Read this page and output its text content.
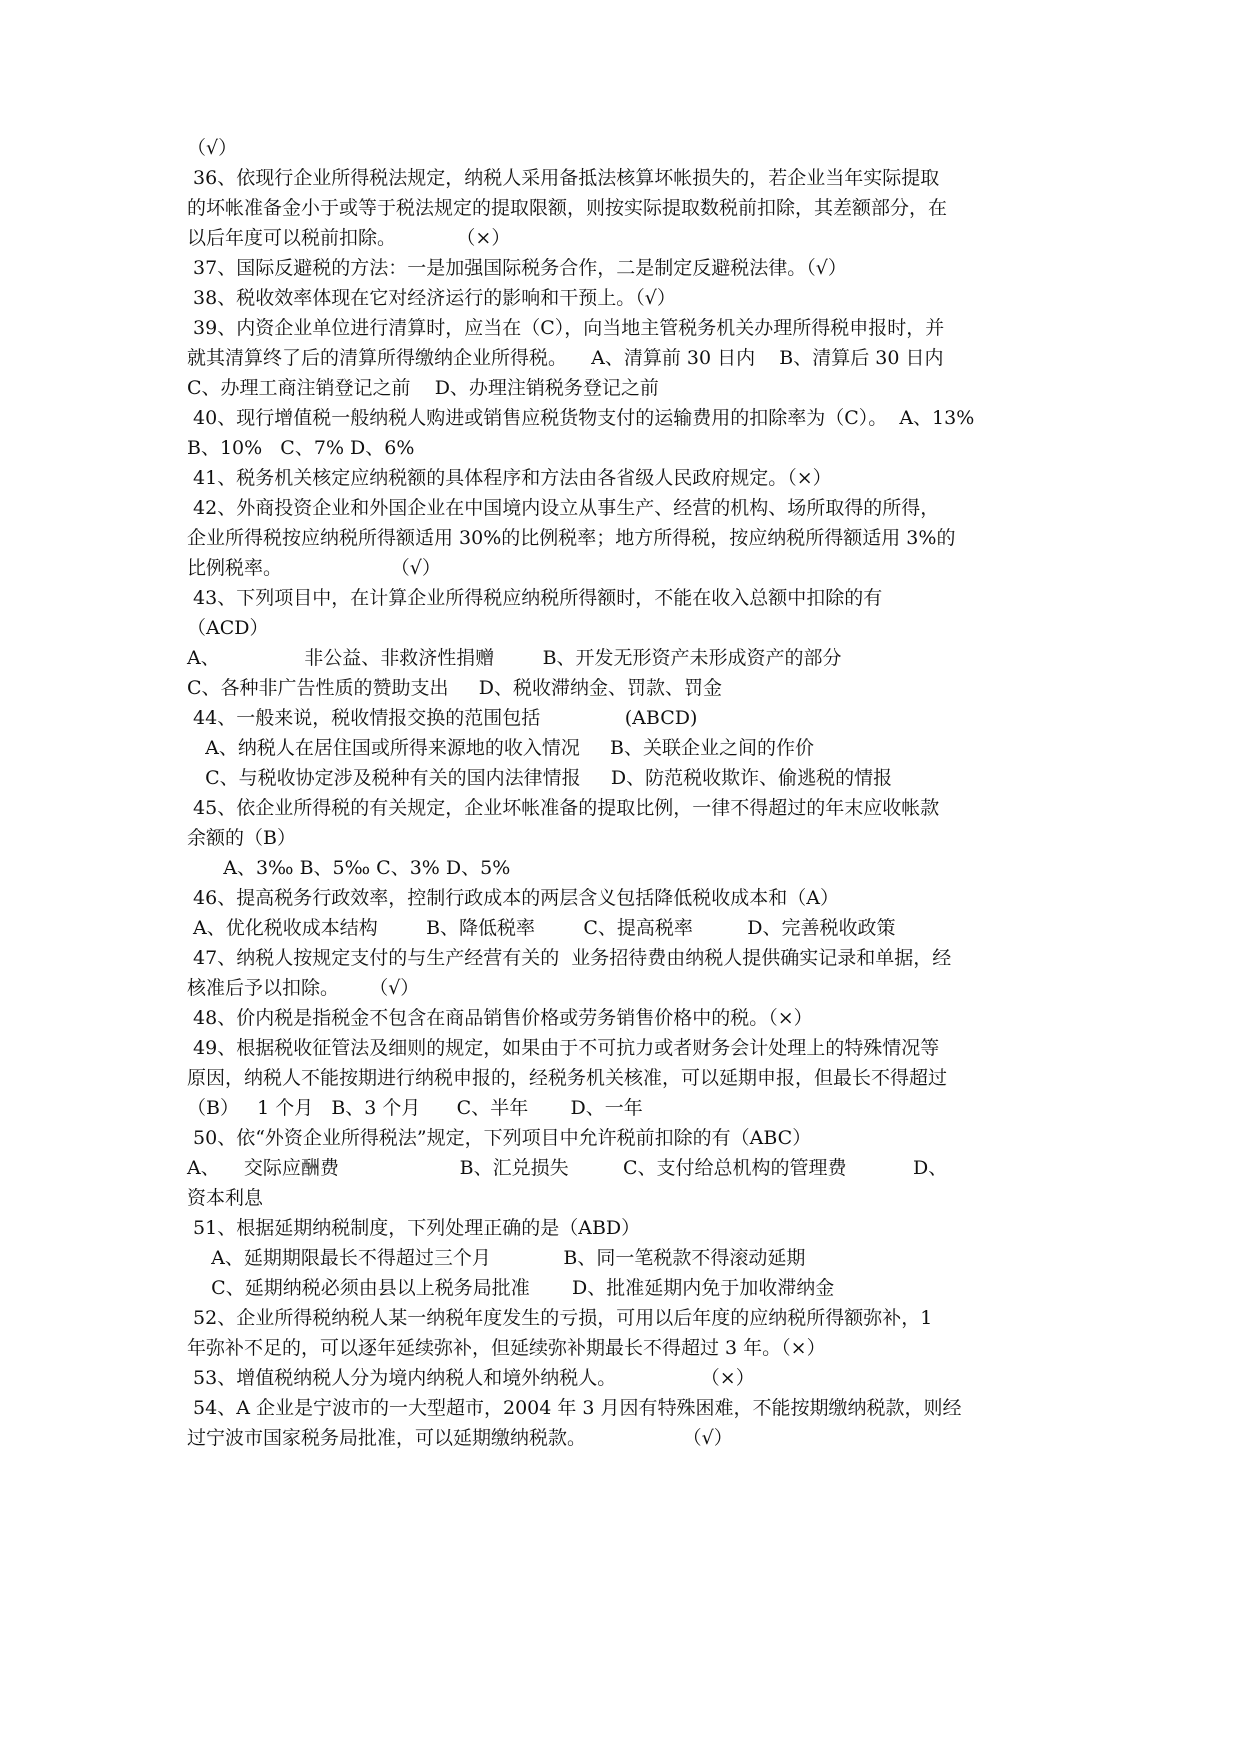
（√）
36、依现行企业所得税法规定，纳税人采用备抵法核算坏帐损失的，若企业当年实际提取
的坏帐准备金小于或等于税法规定的提取限额，则按实际提取数税前扣除，其差额部分，在
以后年度可以税前扣除。          （×）
37、国际反避税的方法：一是加强国际税务合作，二是制定反避税法律。（√）
38、税收效率体现在它对经济运行的影响和干预上。（√）
39、内资企业单位进行清算时，应当在（C），向当地主管税务机关办理所得税申报时，并
就其清算终了后的清算所得缴纳企业所得税。    A、清算前 30 日内    B、清算后 30 日内
C、办理工商注销登记之前    D、办理注销税务登记之前
40、现行增值税一般纳税人购进或销售应税货物支付的运输费用的扣除率为（C）。  A、13%
B、10%   C、7% D、6%
41、税务机关核定应纳税额的具体程序和方法由各省级人民政府规定。（×）
42、外商投资企业和外国企业在中国境内设立从事生产、经营的机构、场所取得的所得，
企业所得税按应纳税所得额适用 30%的比例税率；地方所得税，按应纳税所得额适用 3%的
比例税率。                  （√）
43、下列项目中，在计算企业所得税应纳税所得额时，不能在收入总额中扣除的有
（ACD）
A、              非公益、非救济性捐赠        B、开发无形资产未形成资产的部分
C、各种非广告性质的赞助支出     D、税收滞纳金、罚款、罚金
44、一般来说，税收情报交换的范围包括              (ABCD)
A、纳税人在居住国或所得来源地的收入情况     B、关联企业之间的作价
C、与税收协定涉及税种有关的国内法律情报     D、防范税收欺诈、偷逃税的情报
45、依企业所得税的有关规定，企业坏帐准备的提取比例，一律不得超过的年末应收帐款
余额的（B）
A、3‰ B、5‰ C、3% D、5%
46、提高税务行政效率，控制行政成本的两层含义包括降低税收成本和（A）
A、优化税收成本结构        B、降低税率        C、提高税率         D、完善税收政策
47、纳税人按规定支付的与生产经营有关的  业务招待费由纳税人提供确实记录和单据，经
核准后予以扣除。     （√）
48、价内税是指税金不包含在商品销售价格或劳务销售价格中的税。（×）
49、根据税收征管法及细则的规定，如果由于不可抗力或者财务会计处理上的特殊情况等
原因，纳税人不能按期进行纳税申报的，经税务机关核准，可以延期申报，但最长不得超过
（B）   1 个月   B、3 个月      C、半年       D、一年
50、依“外资企业所得税法”规定，下列项目中允许税前扣除的有（ABC）
A、    交际应酬费                    B、汇兑损失         C、支付给总机构的管理费           D、
资本利息
51、根据延期纳税制度，下列处理正确的是（ABD）
A、延期期限最长不得超过三个月            B、同一笔税款不得滚动延期
C、延期纳税必须由县以上税务局批准       D、批准延期内免于加收滞纳金
52、企业所得税纳税人某一纳税年度发生的亏损，可用以后年度的应纳税所得额弥补，1
年弥补不足的，可以逐年延续弥补，但延续弥补期最长不得超过 3 年。（×）
53、增值税纳税人分为境内纳税人和境外纳税人。              （×）
54、A 企业是宁波市的一大型超市，2004 年 3 月因有特殊困难，不能按期缴纳税款，则经
过宁波市国家税务局批准，可以延期缴纳税款。                （√）
